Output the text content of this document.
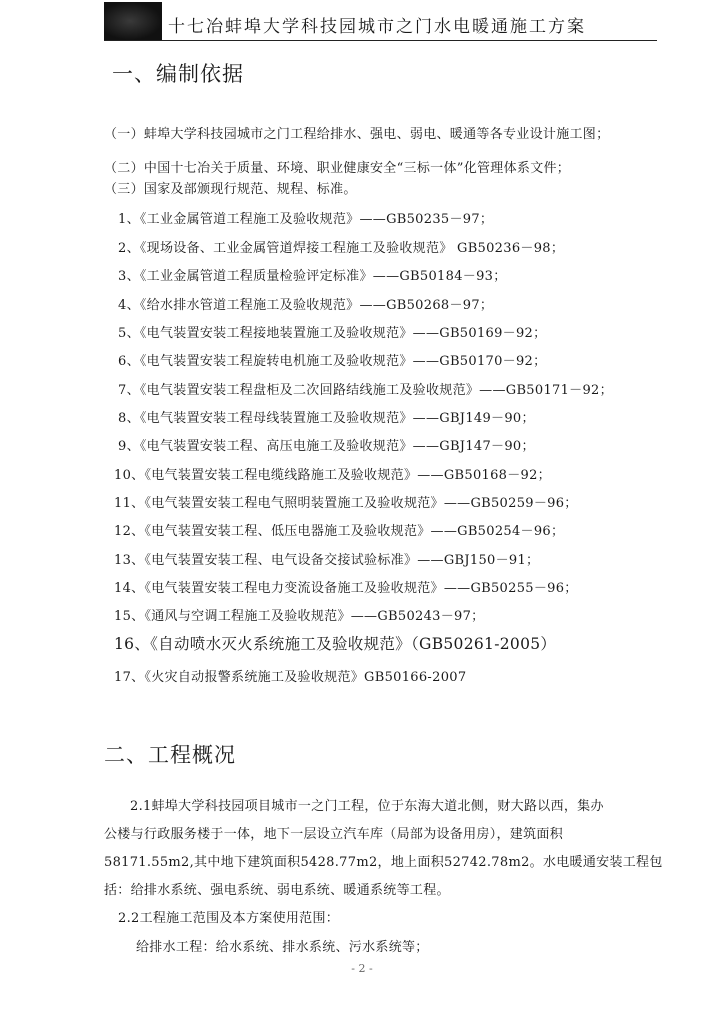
十七冶蚌埠大学科技园城市之门水电暖通施工方案
一、编制依据
（一）蚌埠大学科技园城市之门工程给排水、强电、弱电、暖通等各专业设计施工图；
（二）中国十七冶关于质量、环境、职业健康安全“三标一体”化管理体系文件；
（三）国家及部颁现行规范、规程、标准。
1、《工业金属管道工程施工及验收规范》——GB50235－97；
2、《现场设备、工业金属管道焊接工程施工及验收规范》 GB50236－98；
3、《工业金属管道工程质量检验评定标准》——GB50184－93；
4、《给水排水管道工程施工及验收规范》——GB50268－97；
5、《电气装置安装工程接地装置施工及验收规范》——GB50169－92；
6、《电气装置安装工程旋转电机施工及验收规范》——GB50170－92；
7、《电气装置安装工程盘柜及二次回路结线施工及验收规范》——GB50171－92；
8、《电气装置安装工程母线装置施工及验收规范》——GBJ149－90；
9、《电气装置安装工程、高压电施工及验收规范》——GBJ147－90；
10、《电气装置安装工程电缆线路施工及验收规范》——GB50168－92；
11、《电气装置安装工程电气照明装置施工及验收规范》——GB50259－96；
12、《电气装置安装工程、低压电器施工及验收规范》——GB50254－96；
13、《电气装置安装工程、电气设备交接试验标准》——GBJ150－91；
14、《电气装置安装工程电力变流设备施工及验收规范》——GB50255－96；
15、《通风与空调工程施工及验收规范》——GB50243－97；
16、《自动喷水灭火系统施工及验收规范》（GB50261-2005）
17、《火灾自动报警系统施工及验收规范》GB50166-2007
二、工程概况
2.1蚌埠大学科技园项目城市一之门工程，位于东海大道北侧，财大路以西，集办
公楼与行政服务楼于一体，地下一层设立汽车库（局部为设备用房），建筑面积
58171.55m2,其中地下建筑面积5428.77m2，地上面积52742.78m2。水电暖通安装工程包
括：给排水系统、强电系统、弱电系统、暖通系统等工程。
2.2工程施工范围及本方案使用范围：
给排水工程：给水系统、排水系统、污水系统等；
- 2 -
